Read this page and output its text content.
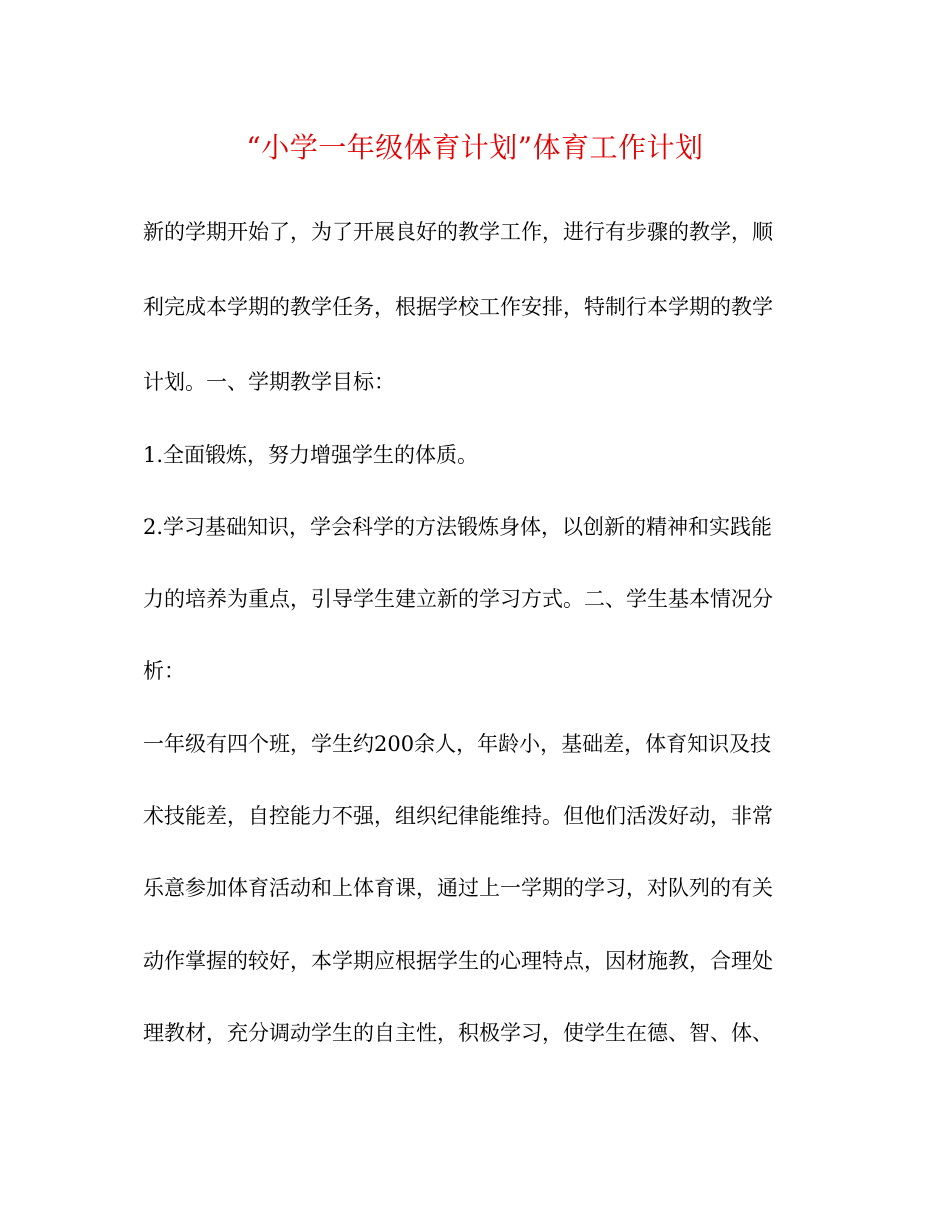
“小学一年级体育计划”体育工作计划
新的学期开始了，为了开展良好的教学工作，进行有步骤的教学，顺
利完成本学期的教学任务，根据学校工作安排，特制行本学期的教学
计划。一、学期教学目标：
1.全面锻炼，努力增强学生的体质。
2.学习基础知识，学会科学的方法锻炼身体，以创新的精神和实践能
力的培养为重点，引导学生建立新的学习方式。二、学生基本情况分
析：
一年级有四个班，学生约200余人，年龄小，基础差，体育知识及技
术技能差，自控能力不强，组织纪律能维持。但他们活泼好动，非常
乐意参加体育活动和上体育课，通过上一学期的学习，对队列的有关
动作掌握的较好，本学期应根据学生的心理特点，因材施教，合理处
理教材，充分调动学生的自主性，积极学习，使学生在德、智、体、
